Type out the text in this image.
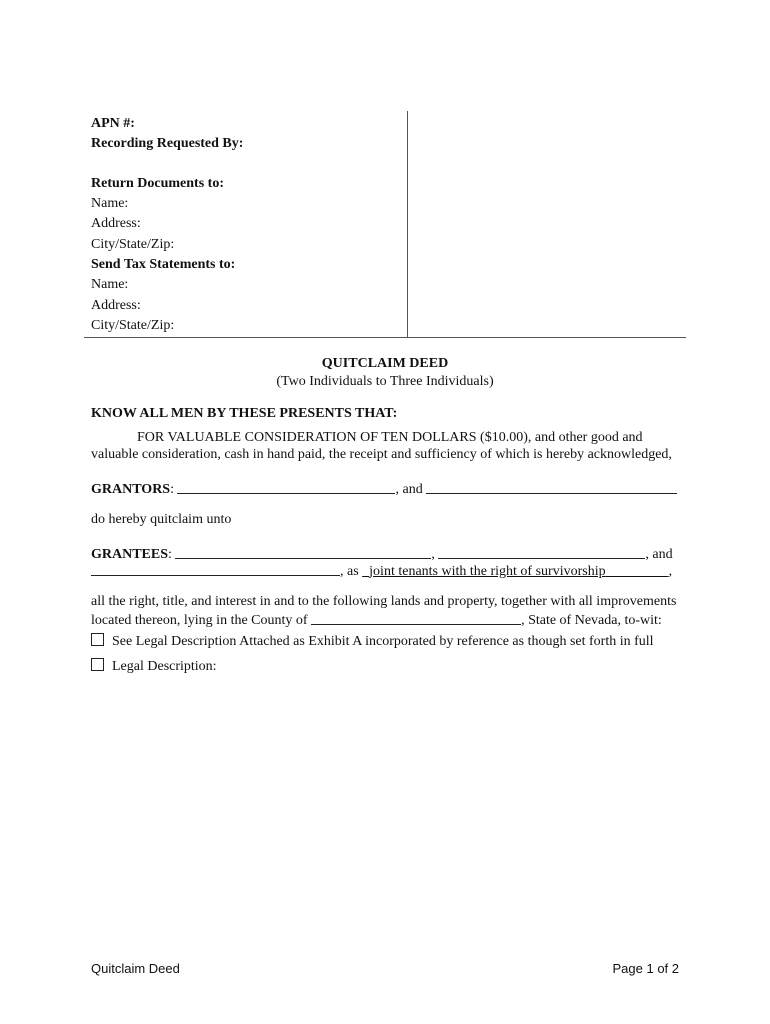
APN #:
Recording Requested By:
Return Documents to:
Name:
Address:
City/State/Zip:
Send Tax Statements to:
Name:
Address:
City/State/Zip:
QUITCLAIM DEED
(Two Individuals to Three Individuals)
KNOW ALL MEN BY THESE PRESENTS THAT:
FOR VALUABLE CONSIDERATION OF TEN DOLLARS ($10.00), and other good and
valuable consideration, cash in hand paid, the receipt and sufficiency of which is hereby acknowledged,
GRANTORS:	, and
do hereby quitclaim unto
GRANTEES:	,	, and
, as joint tenants with the right of survivorship	,
all the right, title, and interest in and to the following lands and property, together with all improvements
located thereon, lying in the County of	, State of Nevada, to-wit:
See Legal Description Attached as Exhibit A incorporated by reference as though set forth in full
Legal Description:
Quitclaim Deed	Page 1 of 2
